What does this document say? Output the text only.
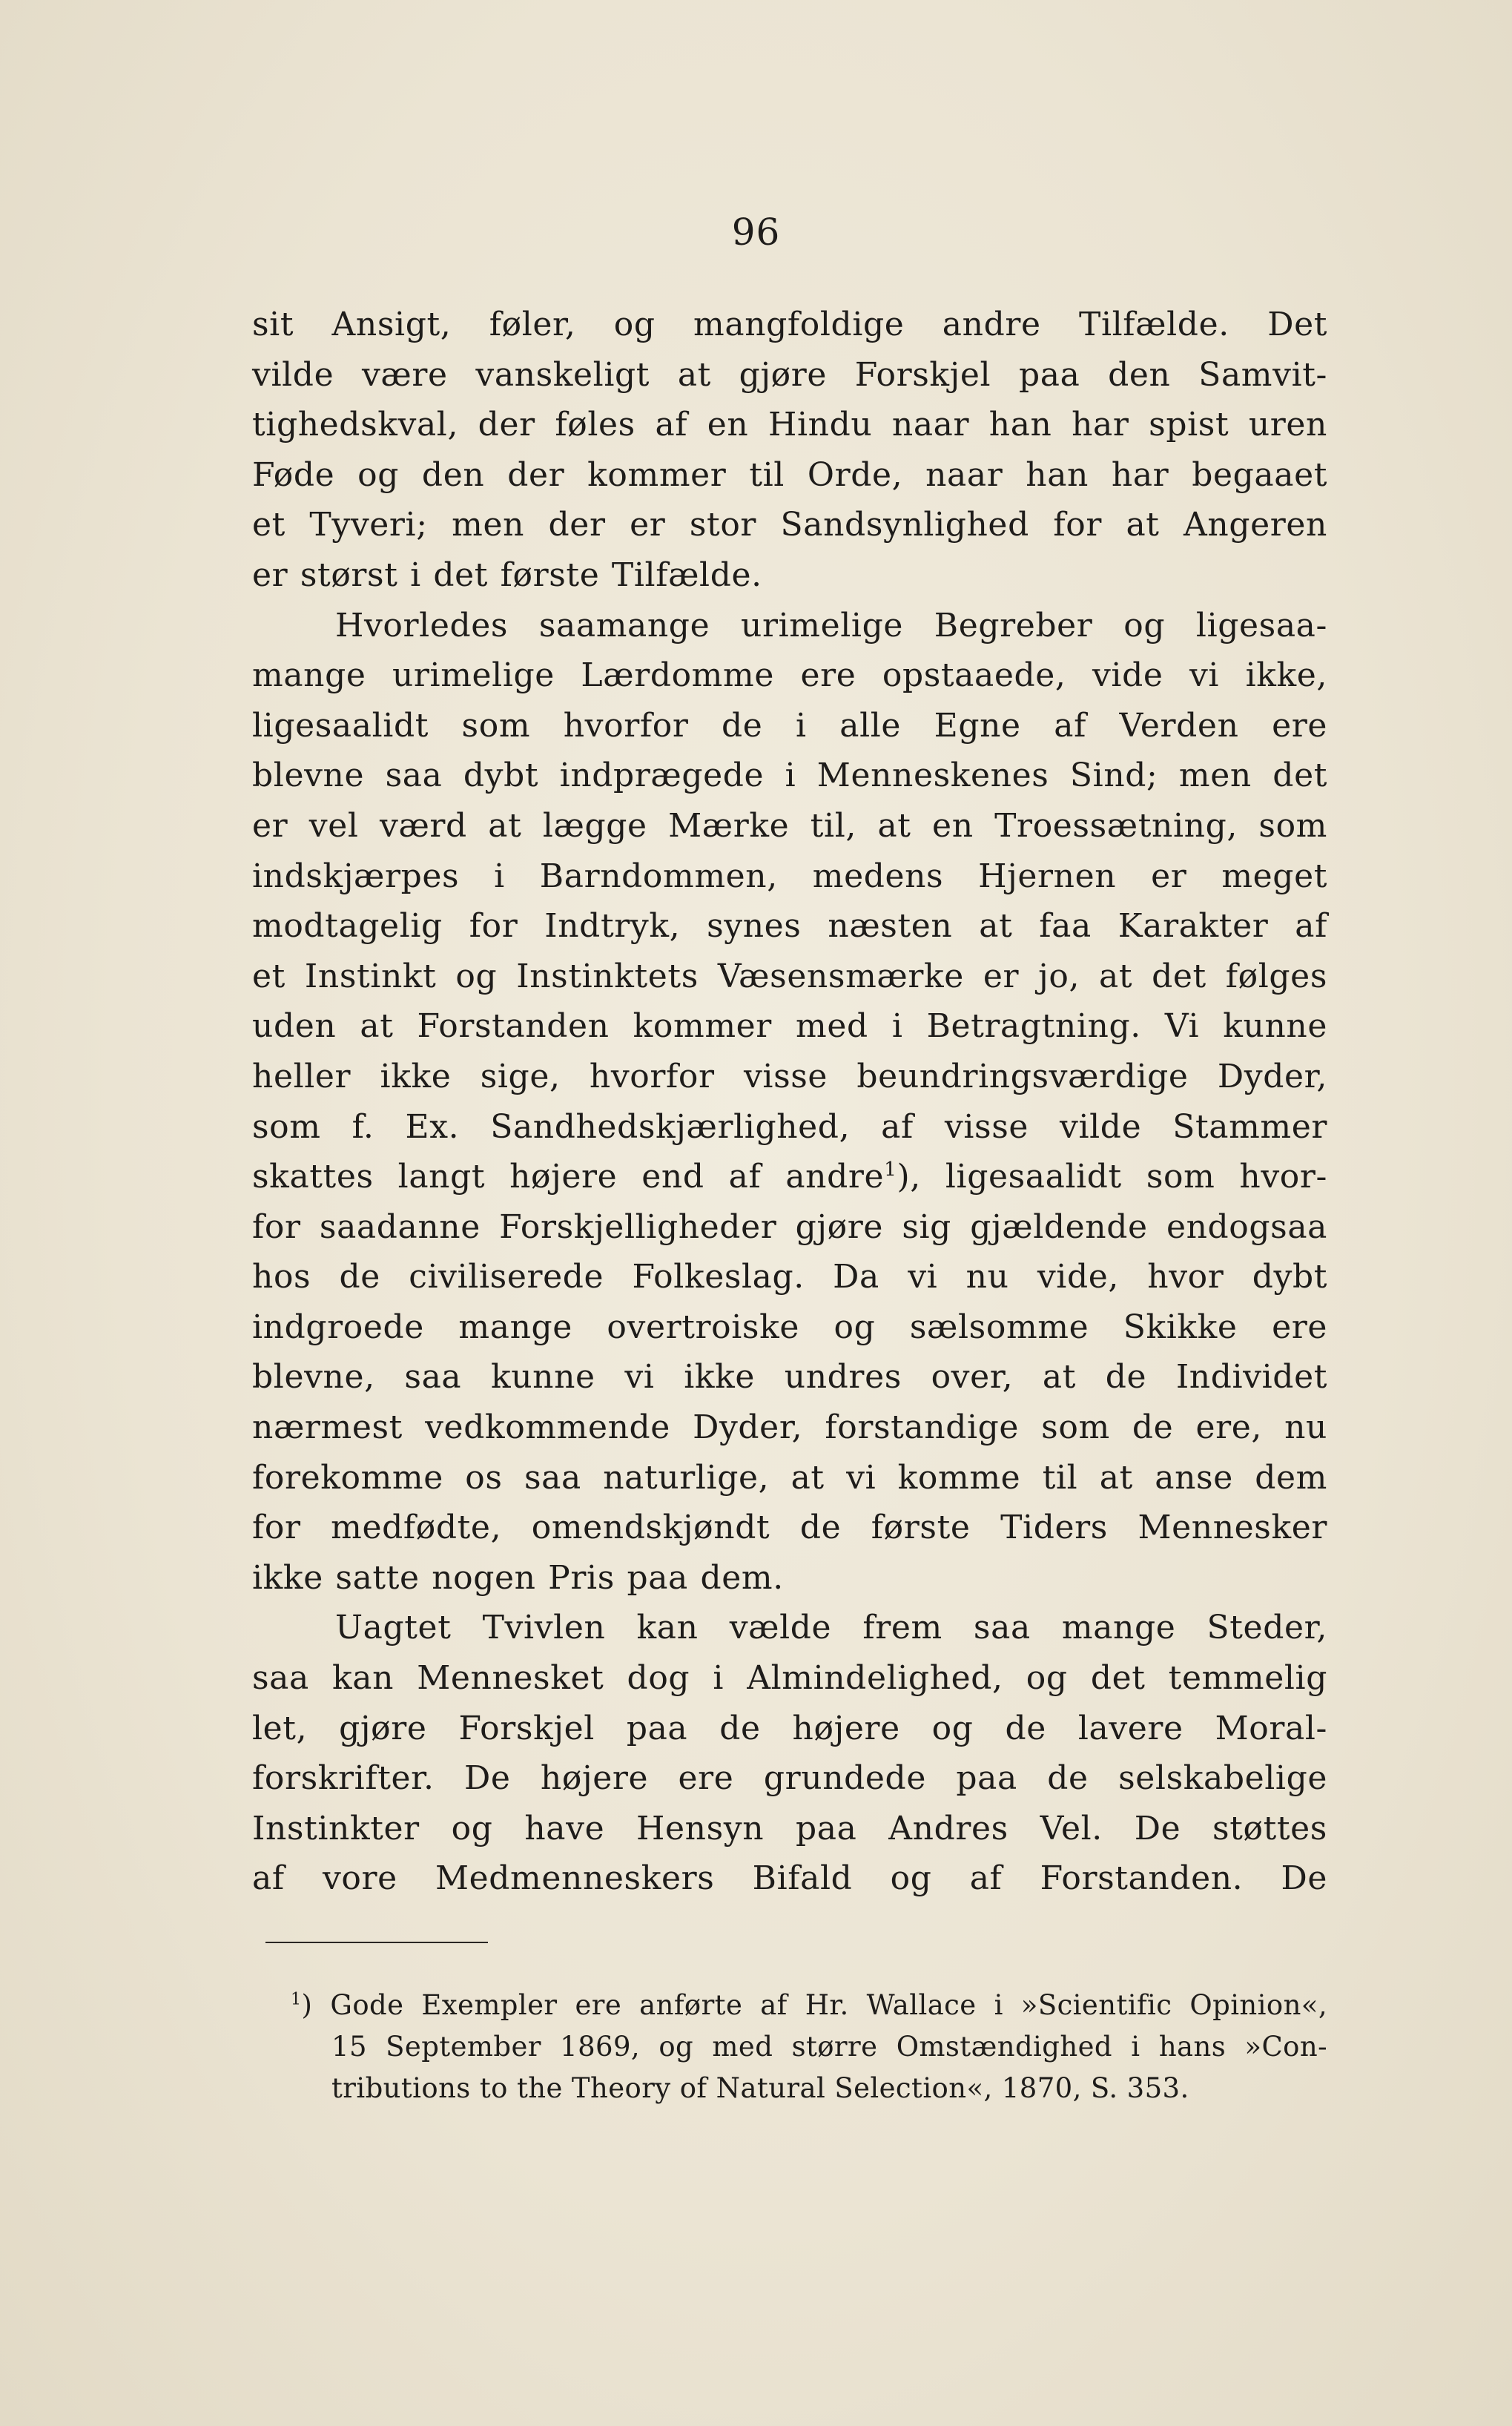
96
sit Ansigt, føler, og mangfoldige andre Tilfælde. Det
vilde være vanskeligt at gjøre Forskjel paa den Samvit-
tighedskval, der føles af en Hindu naar han har spist uren
Føde og den der kommer til Orde, naar han har begaaet
et Tyveri; men der er stor Sandsynlighed for at Angeren
er størst i det første Tilfælde.
Hvorledes saamange urimelige Begreber og ligesaa-
mange urimelige Lærdomme ere opstaaede, vide vi ikke,
ligesaalidt som hvorfor de i alle Egne af Verden ere
blevne saa dybt indprægede i Menneskenes Sind; men det
er vel værd at lægge Mærke til, at en Troessætning, som
indskjærpes i Barndommen, medens Hjernen er meget
modtagelig for Indtryk, synes næsten at faa Karakter af
et Instinkt og Instinktets Væsensmærke er jo, at det følges
uden at Forstanden kommer med i Betragtning. Vi kunne
heller ikke sige, hvorfor visse beundringsværdige Dyder,
som f. Ex. Sandhedskjærlighed, af visse vilde Stammer
skattes langt højere end af andre$^1$), ligesaalidt som hvor-
for saadanne Forskjelligheder gjøre sig gjældende endogsaa
hos de civiliserede Folkeslag. Da vi nu vide, hvor dybt
indgroede mange overtroiske og sælsomme Skikke ere
blevne, saa kunne vi ikke undres over, at de Individet
nærmest vedkommende Dyder, forstandige som de ere, nu
forekomme os saa naturlige, at vi komme til at anse dem
for medfødte, omendskjøndt de første Tiders Mennesker
ikke satte nogen Pris paa dem.
Uagtet Tvivlen kan vælde frem saa mange Steder,
saa kan Mennesket dog i Almindelighed, og det temmelig
let, gjøre Forskjel paa de højere og de lavere Moral-
forskrifter. De højere ere grundede paa de selskabelige
Instinkter og have Hensyn paa Andres Vel. De støttes
af vore Medmenneskers Bifald og af Forstanden. De
$^1$) Gode Exempler ere anførte af Hr. Wallace i »Scientific Opinion«,
15 September 1869, og med større Omstændighed i hans »Con-
tributions to the Theory of Natural Selection«, 1870, S. 353.
